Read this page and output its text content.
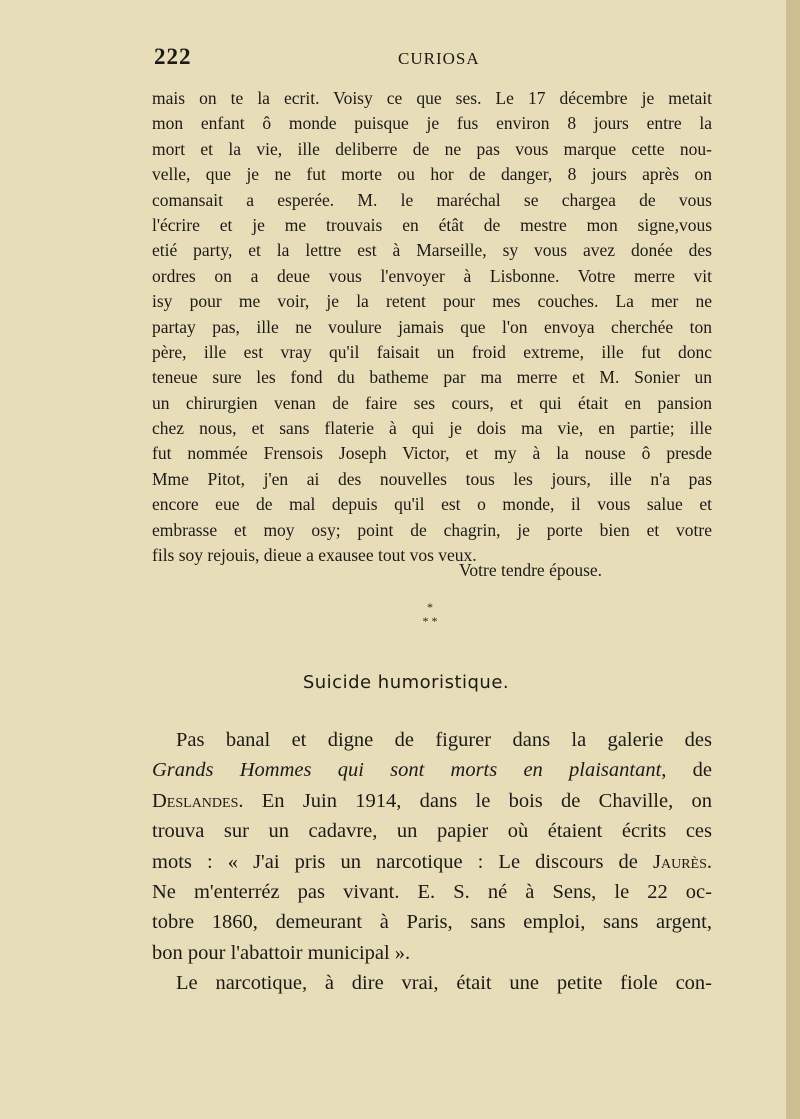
222	CURIOSA
mais on te la ecrit. Voisy ce que ses. Le 17 décembre je metait
mon enfant ô monde puisque je fus environ 8 jours entre la
mort et la vie, ille deliberre de ne pas vous marque cette nou-
velle, que je ne fut morte ou hor de danger, 8 jours après on
comansait a esperée. M. le maréchal se chargea de vous
l'écrire et je me trouvais en étât de mestre mon signe,vous
etié party, et la lettre est à Marseille, sy vous avez donée des
ordres on a deue vous l'envoyer à Lisbonne. Votre merre vit
isy pour me voir, je la retent pour mes couches. La mer ne
partay pas, ille ne voulure jamais que l'on envoya cherchée ton
père, ille est vray qu'il faisait un froid extreme, ille fut donc
teneue sure les fond du batheme par ma merre et M. Sonier un
un chirurgien venan de faire ses cours, et qui était en pansion
chez nous, et sans flaterie à qui je dois ma vie, en partie; ille
fut nommée Frensois Joseph Victor, et my à la nouse ô presde
Mme Pitot, j'en ai des nouvelles tous les jours, ille n'a pas
encore eue de mal depuis qu'il est o monde, il vous salue et
embrasse et moy osy; point de chagrin, je porte bien et votre
fils soy rejouis, dieue a exausee tout vos veux.
Votre tendre épouse.
*
* *
Suicide humoristique.
Pas banal et digne de figurer dans la galerie des
Grands Hommes qui sont morts en plaisantant, de
Deslandes. En Juin 1914, dans le bois de Chaville, on
trouva sur un cadavre, un papier où étaient écrits ces
mots : « J'ai pris un narcotique : Le discours de Jaurès.
Ne m'enterréz pas vivant. E. S. né à Sens, le 22 oc-
tobre 1860, demeurant à Paris, sans emploi, sans argent,
bon pour l'abattoir municipal ».
Le narcotique, à dire vrai, était une petite fiole con-
